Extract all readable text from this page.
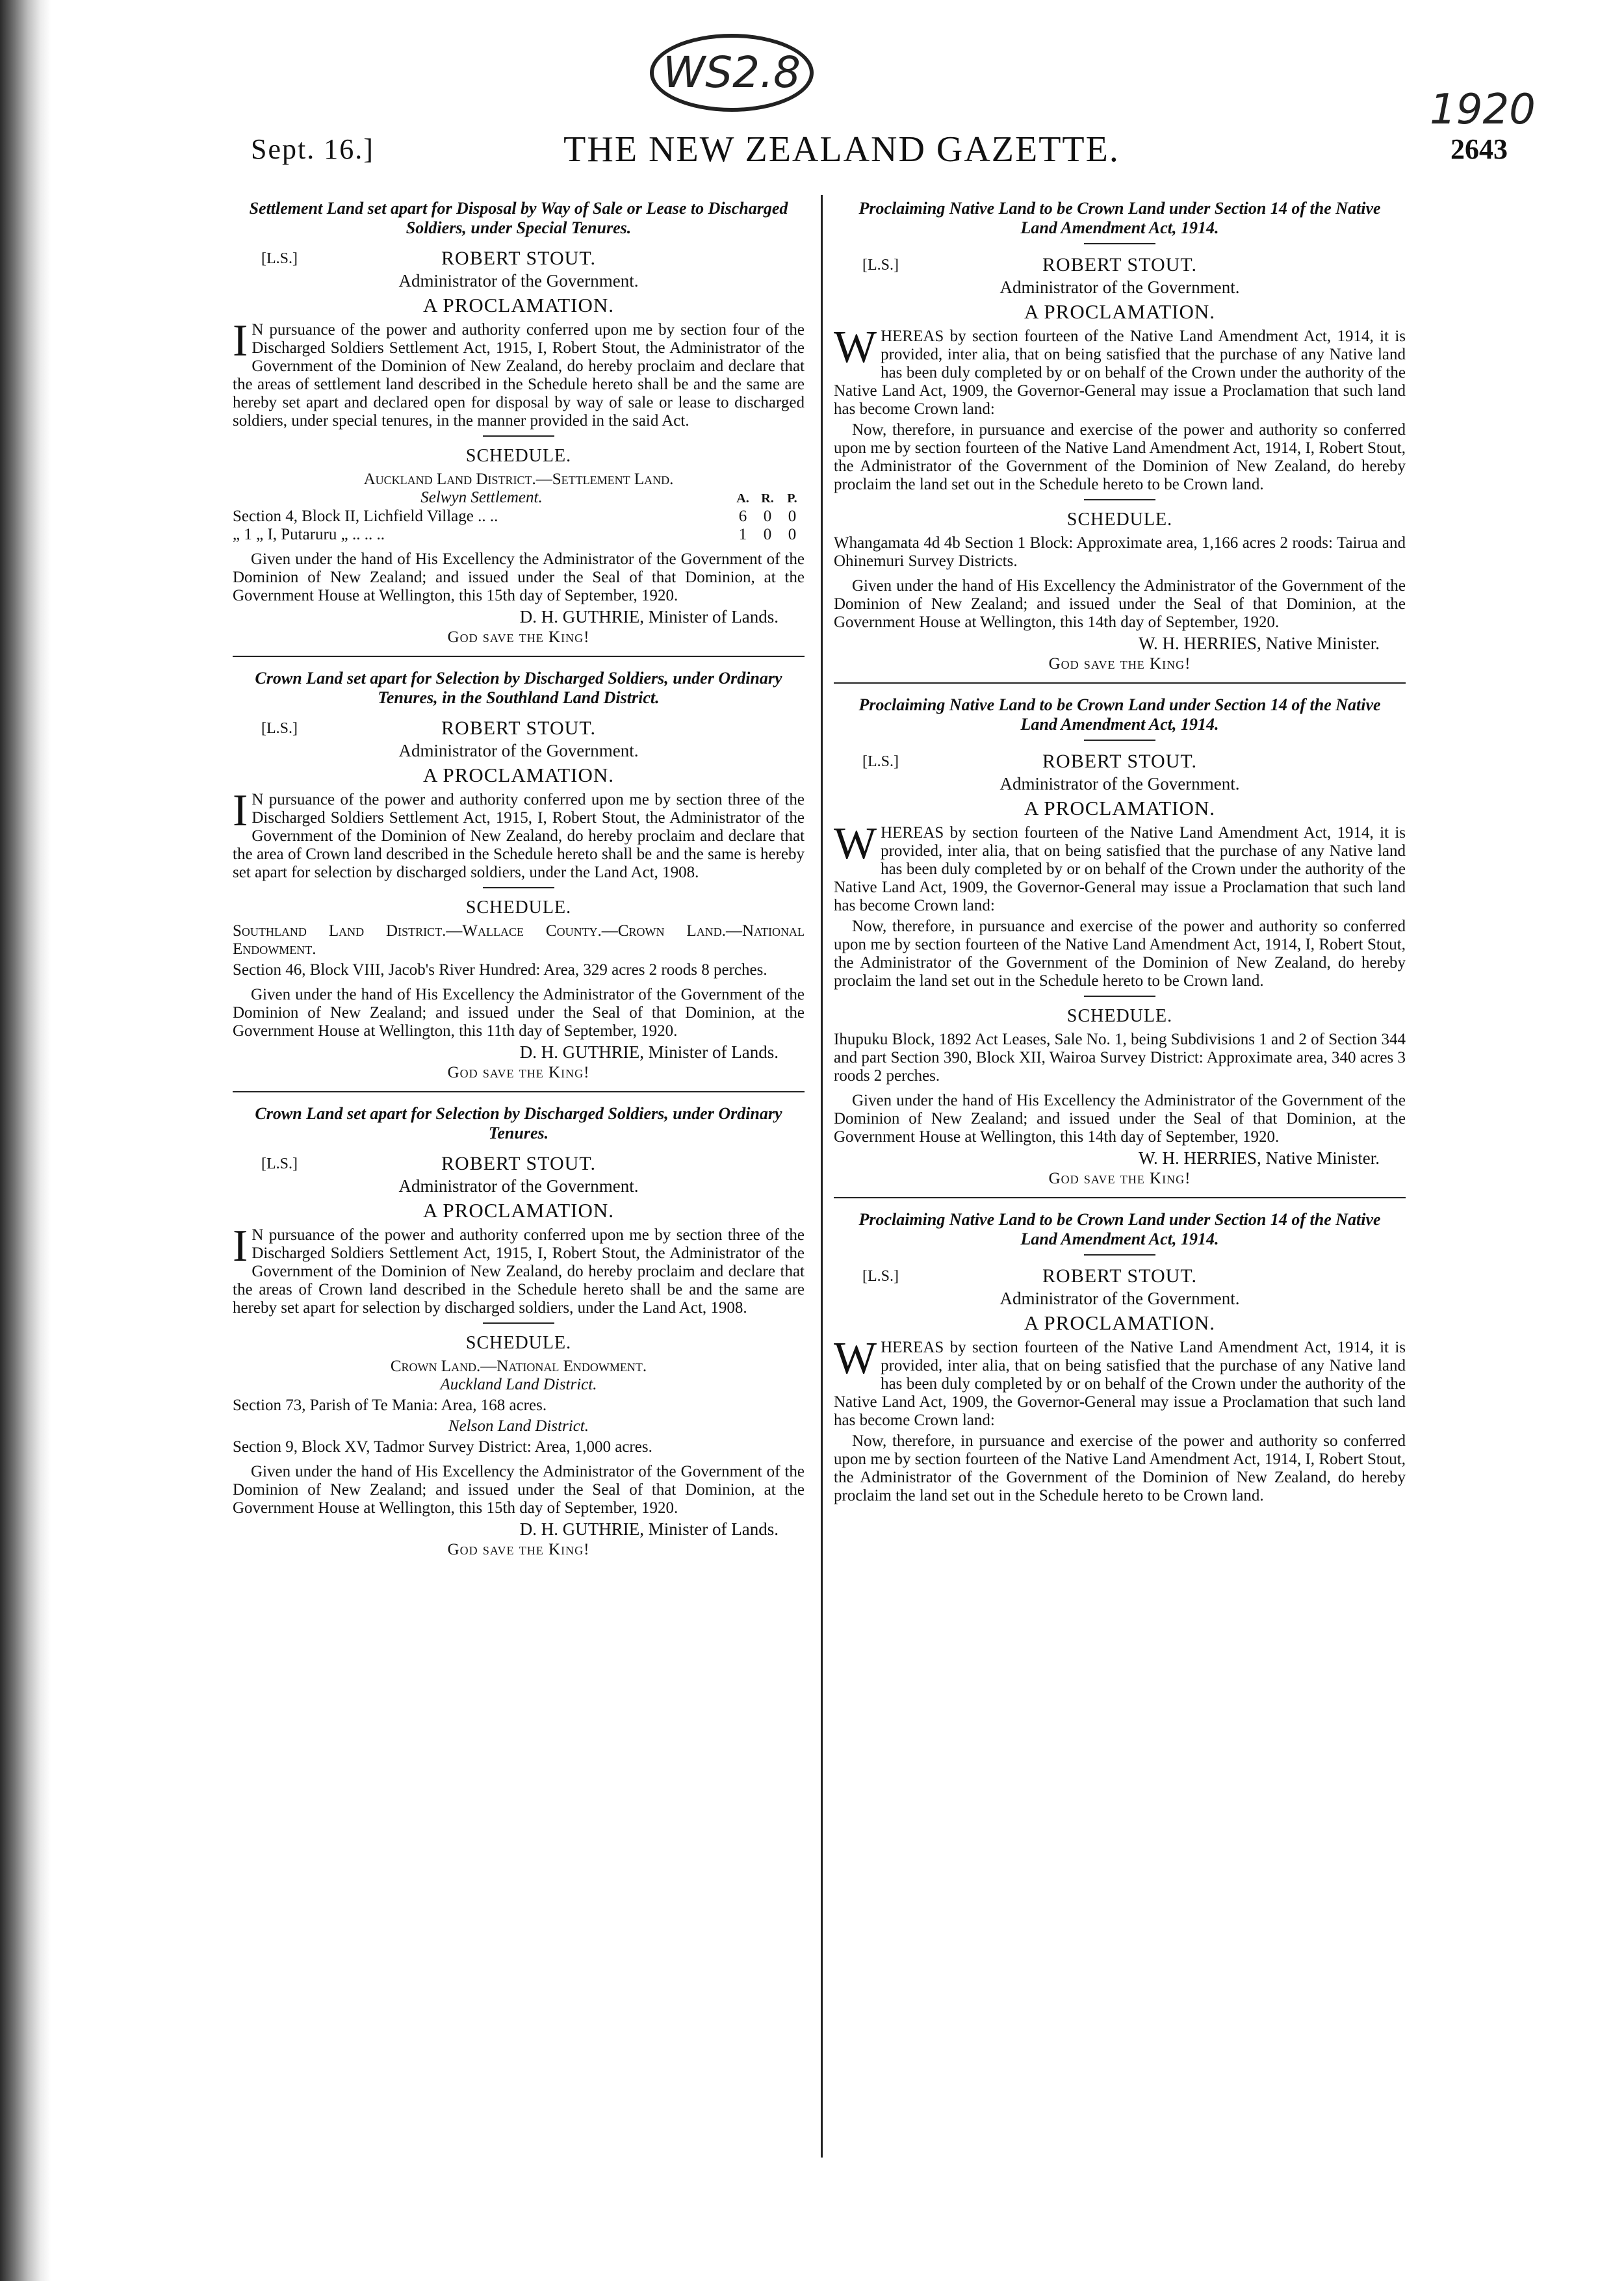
WS2.8
1920
Sept. 16.]	THE NEW ZEALAND GAZETTE.	2643
Settlement Land set apart for Disposal by Way of Sale or Lease to Discharged Soldiers, under Special Tenures.
[L.S.]	ROBERT STOUT.
Administrator of the Government.
A PROCLAMATION.
IN pursuance of the power and authority conferred upon me by section four of the Discharged Soldiers Settlement Act, 1915, I, Robert Stout, the Administrator of the Government of the Dominion of New Zealand, do hereby proclaim and declare that the areas of settlement land described in the Schedule hereto shall be and the same are hereby set apart and declared open for disposal by way of sale or lease to discharged soldiers, under special tenures, in the manner provided in the said Act.
SCHEDULE.
Auckland Land District.—Settlement Land.
Selwyn Settlement.	A. R.	P.
Section 4, Block II, Lichfield Village .. ..	6	0	0
„ 1 „ I, Putaruru „ .. .. ..	1	0	0
Given under the hand of His Excellency the Administrator of the Government of the Dominion of New Zealand; and issued under the Seal of that Dominion, at the Government House at Wellington, this 15th day of September, 1920.
D. H. GUTHRIE, Minister of Lands.
God save the King!
Crown Land set apart for Selection by Discharged Soldiers, under Ordinary Tenures, in the Southland Land District.
[L.S.]	ROBERT STOUT.
Administrator of the Government.
A PROCLAMATION.
IN pursuance of the power and authority conferred upon me by section three of the Discharged Soldiers Settlement Act, 1915, I, Robert Stout, the Administrator of the Government of the Dominion of New Zealand, do hereby proclaim and declare that the area of Crown land described in the Schedule hereto shall be and the same is hereby set apart for selection by discharged soldiers, under the Land Act, 1908.
SCHEDULE.
Southland Land District.—Wallace County.—Crown Land.—National Endowment.
Section 46, Block VIII, Jacob's River Hundred: Area, 329 acres 2 roods 8 perches.
Given under the hand of His Excellency the Administrator of the Government of the Dominion of New Zealand; and issued under the Seal of that Dominion, at the Government House at Wellington, this 11th day of September, 1920.
D. H. GUTHRIE, Minister of Lands.
God save the King!
Crown Land set apart for Selection by Discharged Soldiers, under Ordinary Tenures.
[L.S.]	ROBERT STOUT.
Administrator of the Government.
A PROCLAMATION.
IN pursuance of the power and authority conferred upon me by section three of the Discharged Soldiers Settlement Act, 1915, I, Robert Stout, the Administrator of the Government of the Dominion of New Zealand, do hereby proclaim and declare that the areas of Crown land described in the Schedule hereto shall be and the same are hereby set apart for selection by discharged soldiers, under the Land Act, 1908.
SCHEDULE.
Crown Land.—National Endowment.
Auckland Land District.
Section 73, Parish of Te Mania: Area, 168 acres.
Nelson Land District.
Section 9, Block XV, Tadmor Survey District: Area, 1,000 acres.
Given under the hand of His Excellency the Administrator of the Government of the Dominion of New Zealand; and issued under the Seal of that Dominion, at the Government House at Wellington, this 15th day of September, 1920.
D. H. GUTHRIE, Minister of Lands.
God save the King!
Proclaiming Native Land to be Crown Land under Section 14 of the Native Land Amendment Act, 1914.
[L.S.]	ROBERT STOUT.
Administrator of the Government.
A PROCLAMATION.
WHEREAS by section fourteen of the Native Land Amendment Act, 1914, it is provided, inter alia, that on being satisfied that the purchase of any Native land has been duly completed by or on behalf of the Crown under the authority of the Native Land Act, 1909, the Governor-General may issue a Proclamation that such land has become Crown land:
Now, therefore, in pursuance and exercise of the power and authority so conferred upon me by section fourteen of the Native Land Amendment Act, 1914, I, Robert Stout, the Administrator of the Government of the Dominion of New Zealand, do hereby proclaim the land set out in the Schedule hereto to be Crown land.
SCHEDULE.
Whangamata 4d 4b Section 1 Block: Approximate area, 1,166 acres 2 roods: Tairua and Ohinemuri Survey Districts.
Given under the hand of His Excellency the Administrator of the Government of the Dominion of New Zealand; and issued under the Seal of that Dominion, at the Government House at Wellington, this 14th day of September, 1920.
W. H. HERRIES, Native Minister.
God save the King!
Proclaiming Native Land to be Crown Land under Section 14 of the Native Land Amendment Act, 1914.
[L.S.]	ROBERT STOUT.
Administrator of the Government.
A PROCLAMATION.
WHEREAS by section fourteen of the Native Land Amendment Act, 1914, it is provided, inter alia, that on being satisfied that the purchase of any Native land has been duly completed by or on behalf of the Crown under the authority of the Native Land Act, 1909, the Governor-General may issue a Proclamation that such land has become Crown land:
Now, therefore, in pursuance and exercise of the power and authority so conferred upon me by section fourteen of the Native Land Amendment Act, 1914, I, Robert Stout, the Administrator of the Government of the Dominion of New Zealand, do hereby proclaim the land set out in the Schedule hereto to be Crown land.
SCHEDULE.
Ihupuku Block, 1892 Act Leases, Sale No. 1, being Subdivisions 1 and 2 of Section 344 and part Section 390, Block XII, Wairoa Survey District: Approximate area, 340 acres 3 roods 2 perches.
Given under the hand of His Excellency the Administrator of the Government of the Dominion of New Zealand; and issued under the Seal of that Dominion, at the Government House at Wellington, this 14th day of September, 1920.
W. H. HERRIES, Native Minister.
God save the King!
Proclaiming Native Land to be Crown Land under Section 14 of the Native Land Amendment Act, 1914.
[L.S.]	ROBERT STOUT.
Administrator of the Government.
A PROCLAMATION.
WHEREAS by section fourteen of the Native Land Amendment Act, 1914, it is provided, inter alia, that on being satisfied that the purchase of any Native land has been duly completed by or on behalf of the Crown under the authority of the Native Land Act, 1909, the Governor-General may issue a Proclamation that such land has become Crown land:
Now, therefore, in pursuance and exercise of the power and authority so conferred upon me by section fourteen of the Native Land Amendment Act, 1914, I, Robert Stout, the Administrator of the Government of the Dominion of New Zealand, do hereby proclaim the land set out in the Schedule hereto to be Crown land.
